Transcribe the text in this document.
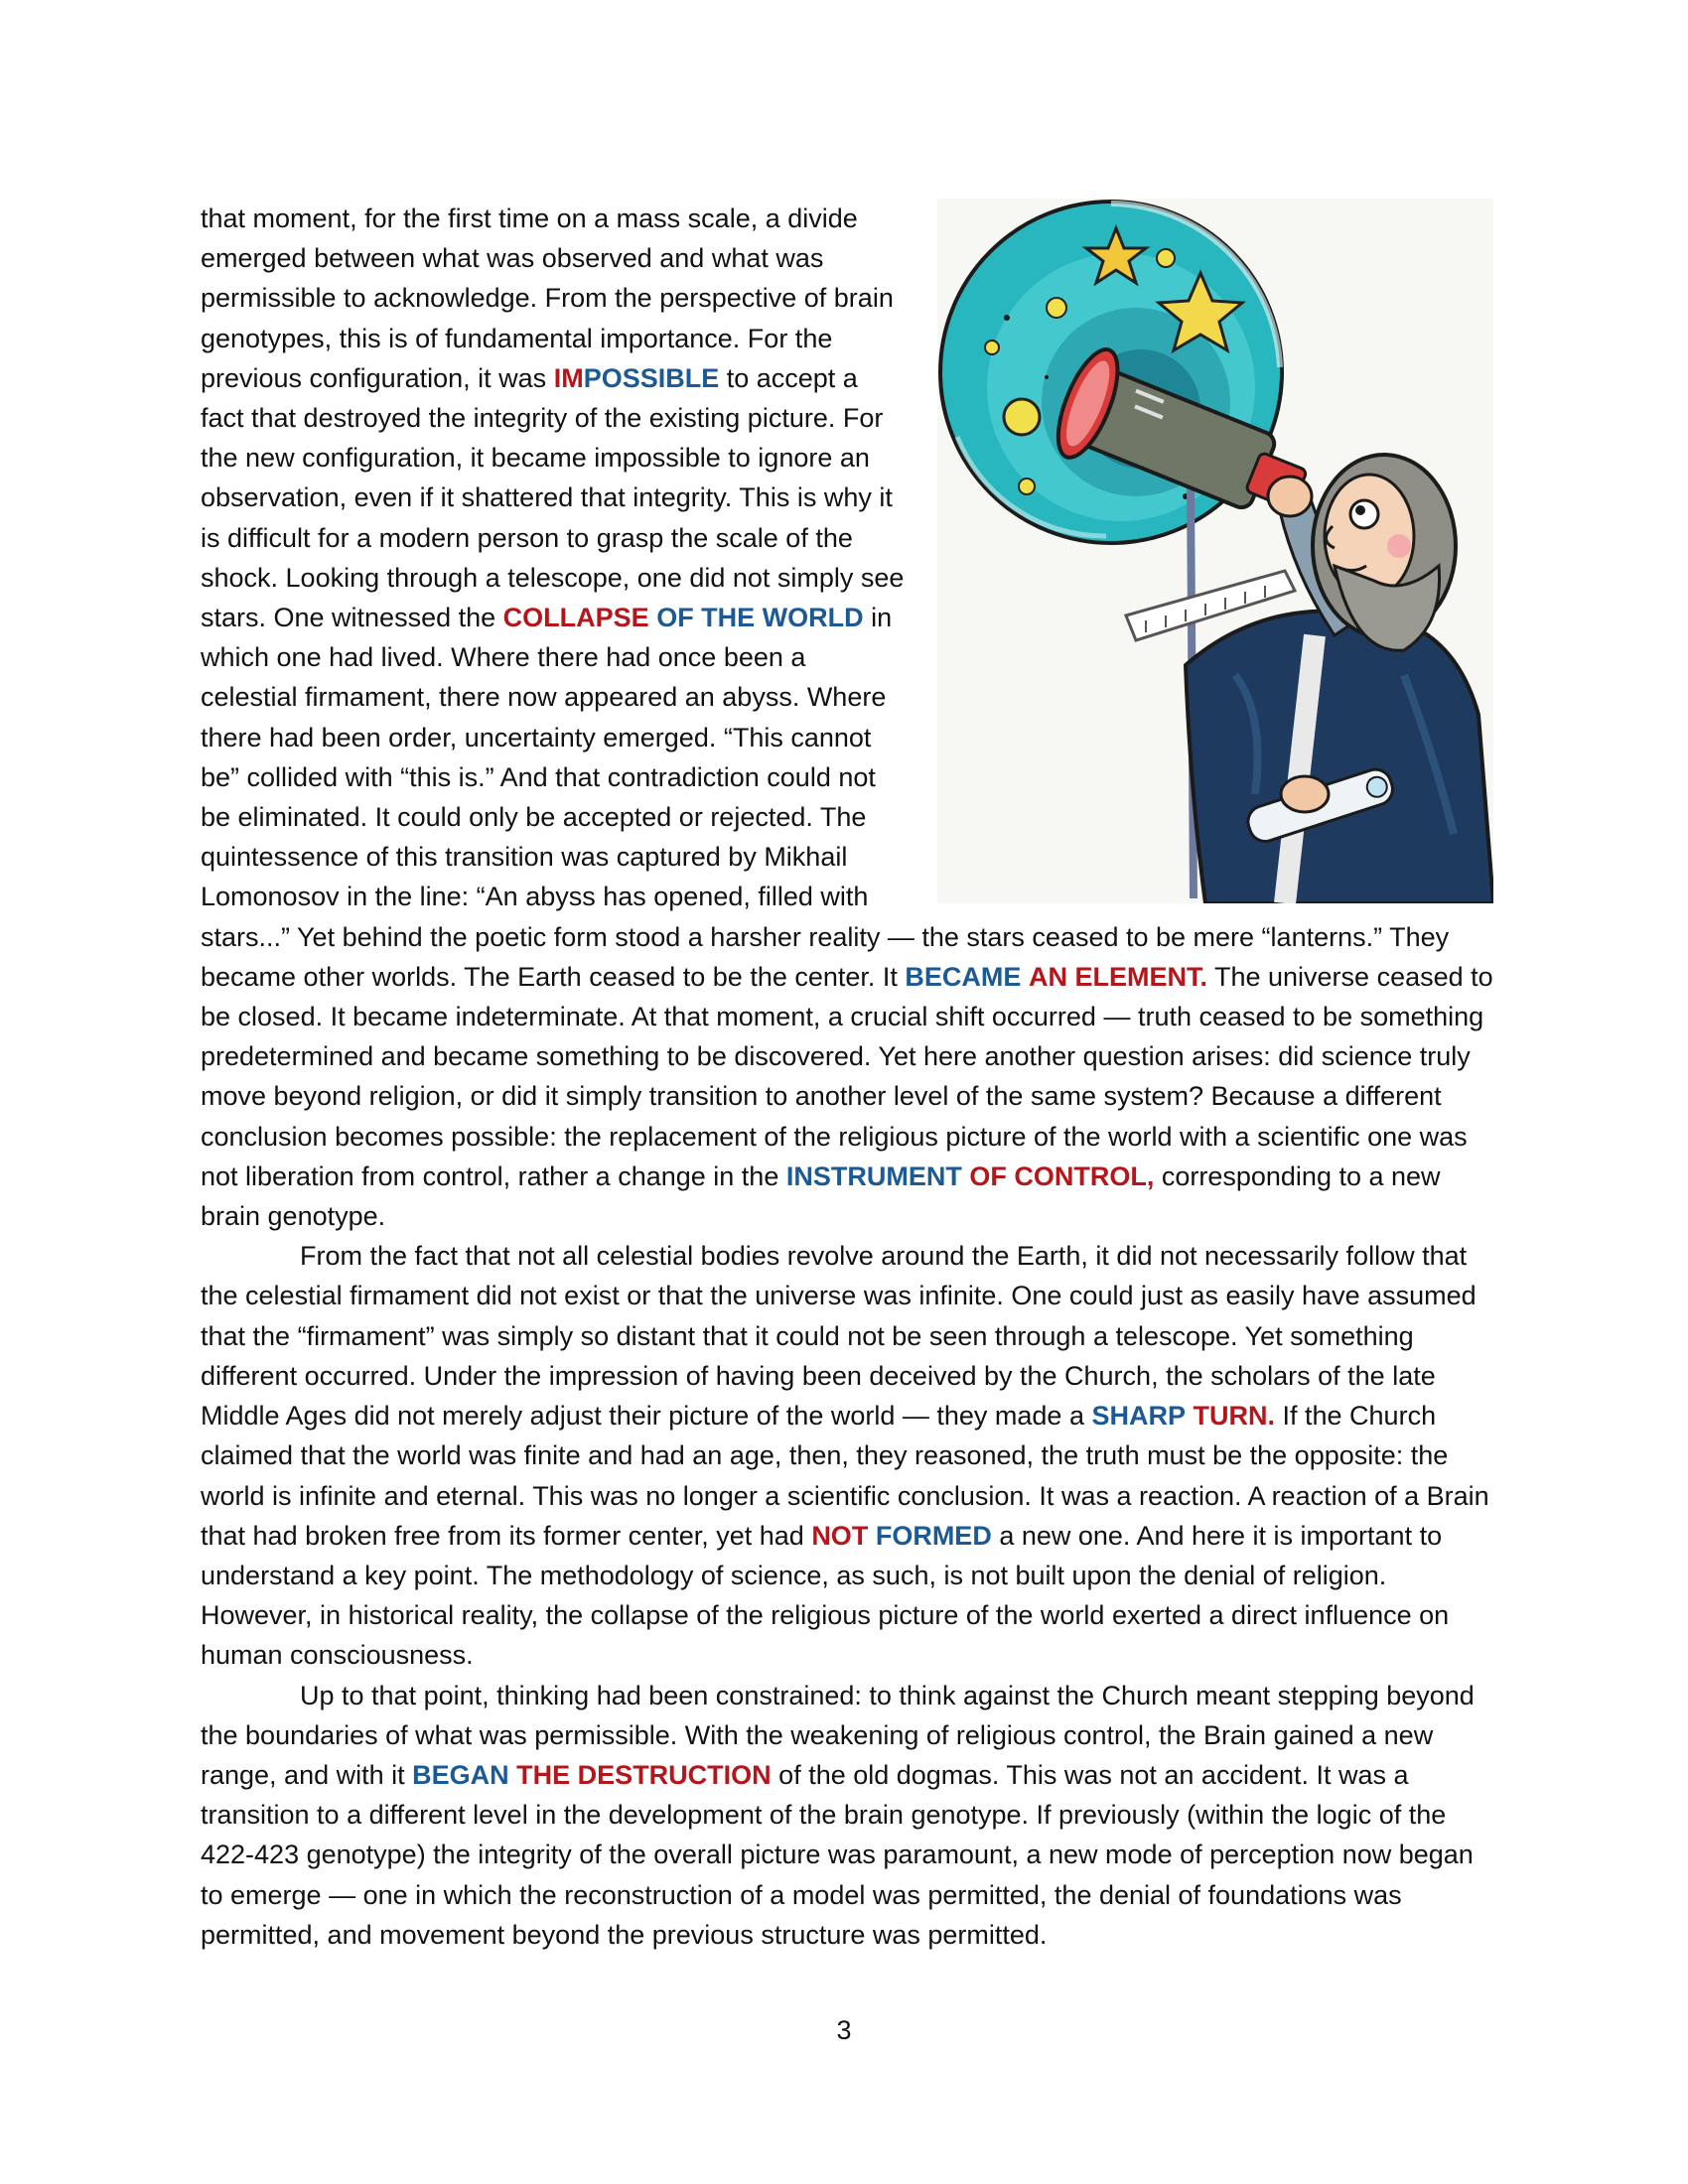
that moment, for the first time on a mass scale, a divide emerged between what was observed and what was permissible to acknowledge. From the perspective of brain genotypes, this is of fundamental importance. For the previous configuration, it was IMPOSSIBLE to accept a fact that destroyed the integrity of the existing picture. For the new configuration, it became impossible to ignore an observation, even if it shattered that integrity. This is why it is difficult for a modern person to grasp the scale of the shock. Looking through a telescope, one did not simply see stars. One witnessed the COLLAPSE OF THE WORLD in which one had lived. Where there had once been a celestial firmament, there now appeared an abyss. Where there had been order, uncertainty emerged. “This cannot be” collided with “this is.” And that contradiction could not be eliminated. It could only be accepted or rejected. The quintessence of this transition was captured by Mikhail Lomonosov in the line: “An abyss has opened, filled with stars...” Yet behind the poetic form stood a harsher reality — the stars ceased to be mere “lanterns.” They became other worlds. The Earth ceased to be the center. It BECAME AN ELEMENT. The universe ceased to be closed. It became indeterminate. At that moment, a crucial shift occurred — truth ceased to be something predetermined and became something to be discovered. Yet here another question arises: did science truly move beyond religion, or did it simply transition to another level of the same system? Because a different conclusion becomes possible: the replacement of the religious picture of the world with a scientific one was not liberation from control, rather a change in the INSTRUMENT OF CONTROL, corresponding to a new brain genotype.

From the fact that not all celestial bodies revolve around the Earth, it did not necessarily follow that the celestial firmament did not exist or that the universe was infinite. One could just as easily have assumed that the “firmament” was simply so distant that it could not be seen through a telescope. Yet something different occurred. Under the impression of having been deceived by the Church, the scholars of the late Middle Ages did not merely adjust their picture of the world — they made a SHARP TURN. If the Church claimed that the world was finite and had an age, then, they reasoned, the truth must be the opposite: the world is infinite and eternal. This was no longer a scientific conclusion. It was a reaction. A reaction of a Brain that had broken free from its former center, yet had NOT FORMED a new one. And here it is important to understand a key point. The methodology of science, as such, is not built upon the denial of religion. However, in historical reality, the collapse of the religious picture of the world exerted a direct influence on human consciousness.

Up to that point, thinking had been constrained: to think against the Church meant stepping beyond the boundaries of what was permissible. With the weakening of religious control, the Brain gained a new range, and with it BEGAN THE DESTRUCTION of the old dogmas. This was not an accident. It was a transition to a different level in the development of the brain genotype. If previously (within the logic of the 422-423 genotype) the integrity of the overall picture was paramount, a new mode of perception now began to emerge — one in which the reconstruction of a model was permitted, the denial of foundations was permitted, and movement beyond the previous structure was permitted.

3
